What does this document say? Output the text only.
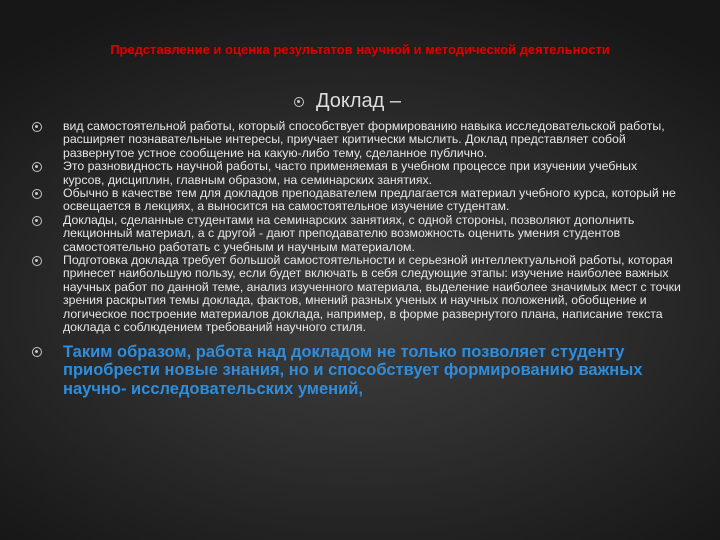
Представление и оценка результатов научной и методической деятельности
Доклад –
вид самостоятельной работы, который способствует формированию навыка исследовательской работы, расширяет познавательные интересы, приучает критически мыслить. Доклад представляет собой развернутое устное сообщение на какую-либо тему, сделанное публично.
Это разновидность научной работы, часто применяемая в учебном процессе при изучении учебных курсов, дисциплин, главным образом, на семинарских занятиях.
Обычно в качестве тем для докладов преподавателем предлагается материал учебного курса, который не освещается в лекциях, а выносится на самостоятельное изучение студентам.
Доклады, сделанные студентами на семинарских занятиях, с одной стороны, позволяют дополнить лекционный материал, а с другой - дают преподавателю возможность оценить умения студентов самостоятельно работать с учебным и научным материалом.
Подготовка доклада требует большой самостоятельности и серьезной интеллектуальной работы, которая принесет наибольшую пользу, если будет включать в себя следующие этапы: изучение наиболее важных научных работ по данной теме, анализ изученного материала, выделение наиболее значимых мест с точки зрения раскрытия темы доклада, фактов, мнений разных ученых и научных положений, обобщение и логическое построение материалов доклада, например, в форме развернутого плана, написание текста доклада с соблюдением требований научного стиля.
Таким образом, работа над докладом не только позволяет студенту приобрести новые знания, но и способствует формированию важных научно- исследовательских умений,
